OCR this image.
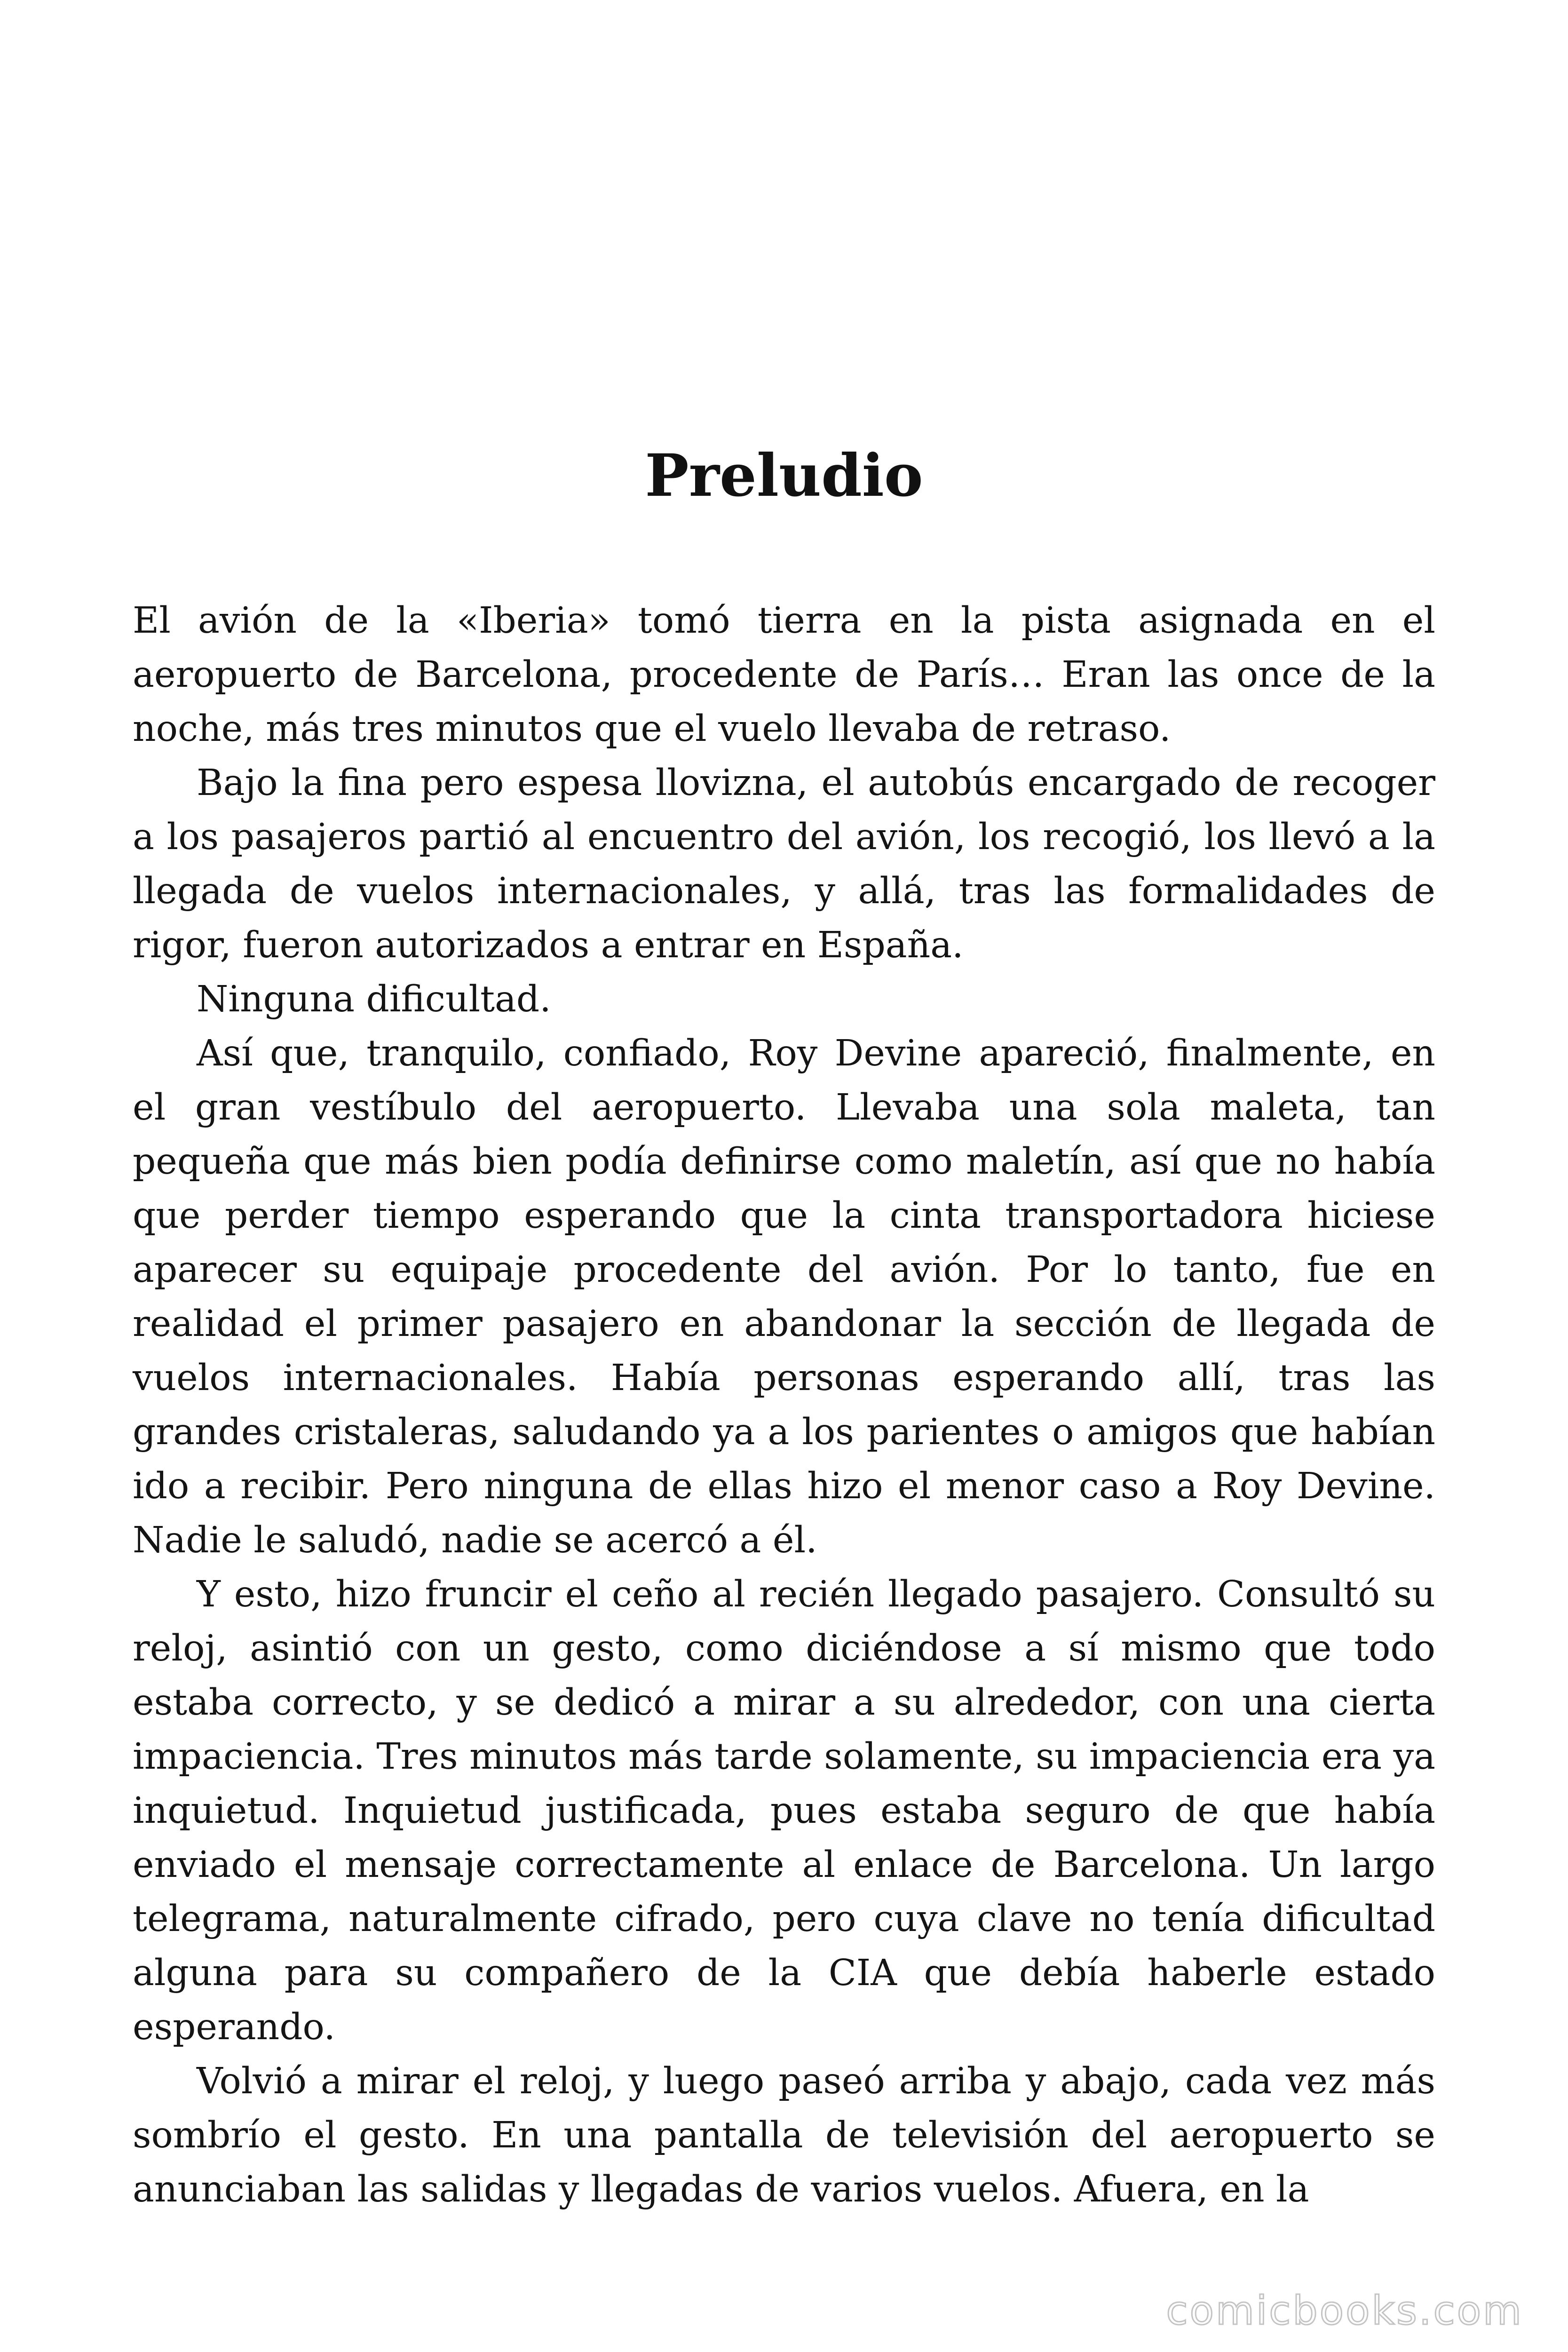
Preludio

El avión de la «Iberia» tomó tierra en la pista asignada en el aeropuerto de Barcelona, procedente de París… Eran las once de la noche, más tres minutos que el vuelo llevaba de retraso.

Bajo la fina pero espesa llovizna, el autobús encargado de recoger a los pasajeros partió al encuentro del avión, los recogió, los llevó a la llegada de vuelos internacionales, y allá, tras las formalidades de rigor, fueron autorizados a entrar en España.

Ninguna dificultad.

Así que, tranquilo, confiado, Roy Devine apareció, finalmente, en el gran vestíbulo del aeropuerto. Llevaba una sola maleta, tan pequeña que más bien podía definirse como maletín, así que no había que perder tiempo esperando que la cinta transportadora hiciese aparecer su equipaje procedente del avión. Por lo tanto, fue en realidad el primer pasajero en abandonar la sección de llegada de vuelos internacionales. Había personas esperando allí, tras las grandes cristaleras, saludando ya a los parientes o amigos que habían ido a recibir. Pero ninguna de ellas hizo el menor caso a Roy Devine. Nadie le saludó, nadie se acercó a él.

Y esto, hizo fruncir el ceño al recién llegado pasajero. Consultó su reloj, asintió con un gesto, como diciéndose a sí mismo que todo estaba correcto, y se dedicó a mirar a su alrededor, con una cierta impaciencia. Tres minutos más tarde solamente, su impaciencia era ya inquietud. Inquietud justificada, pues estaba seguro de que había enviado el mensaje correctamente al enlace de Barcelona. Un largo telegrama, naturalmente cifrado, pero cuya clave no tenía dificultad alguna para su compañero de la CIA que debía haberle estado esperando.

Volvió a mirar el reloj, y luego paseó arriba y abajo, cada vez más sombrío el gesto. En una pantalla de televisión del aeropuerto se anunciaban las salidas y llegadas de varios vuelos. Afuera, en la

comicbooks.com
